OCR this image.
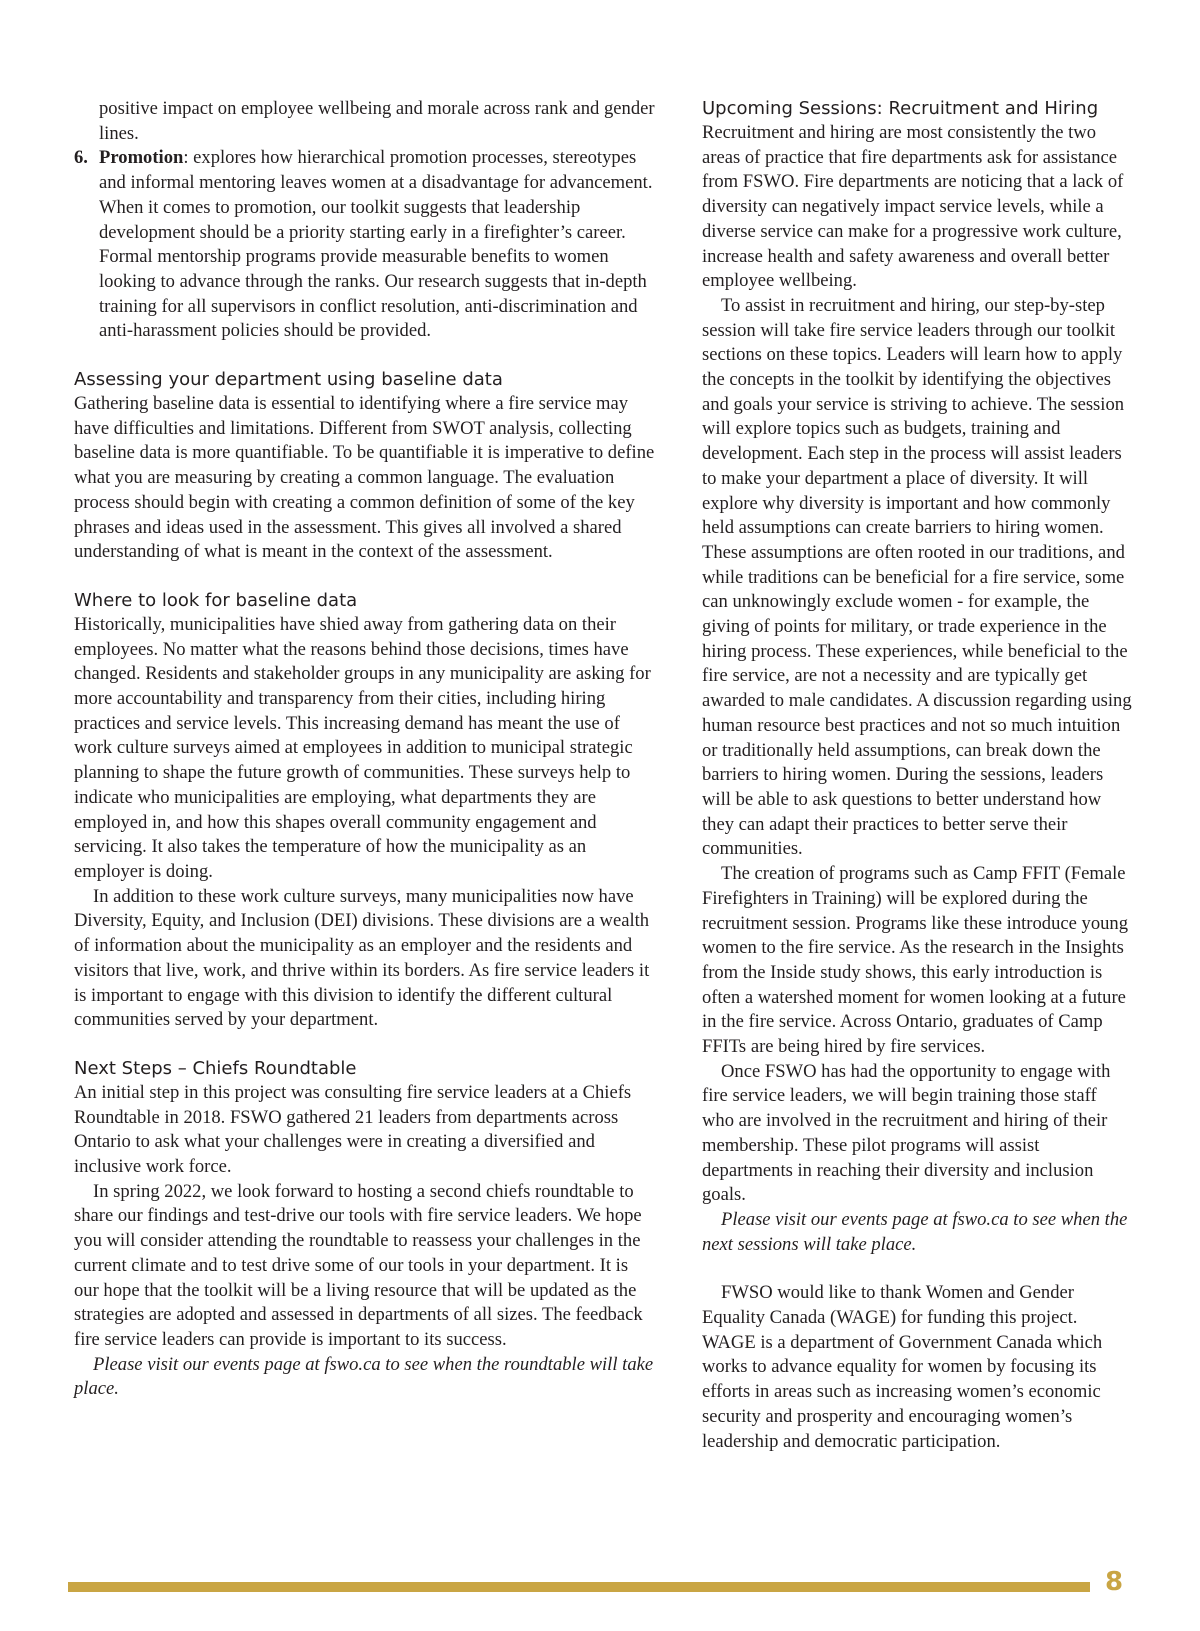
positive impact on employee wellbeing and morale across rank and gender lines.

6. Promotion: explores how hierarchical promotion processes, stereotypes and informal mentoring leaves women at a disadvantage for advancement. When it comes to promotion, our toolkit suggests that leadership development should be a priority starting early in a firefighter’s career. Formal mentorship programs provide measurable benefits to women looking to advance through the ranks. Our research suggests that in-depth training for all supervisors in conflict resolution, anti-discrimination and anti-harassment policies should be provided.
Assessing your department using baseline data

Gathering baseline data is essential to identifying where a fire service may have difficulties and limitations. Different from SWOT analysis, collecting baseline data is more quantifiable. To be quantifiable it is imperative to define what you are measuring by creating a common language. The evaluation process should begin with creating a common definition of some of the key phrases and ideas used in the assessment. This gives all involved a shared understanding of what is meant in the context of the assessment.

Where to look for baseline data

Historically, municipalities have shied away from gathering data on their employees. No matter what the reasons behind those decisions, times have changed. Residents and stakeholder groups in any municipality are asking for more accountability and transparency from their cities, including hiring practices and service levels. This increasing demand has meant the use of work culture surveys aimed at employees in addition to municipal strategic planning to shape the future growth of communities. These surveys help to indicate who municipalities are employing, what departments they are employed in, and how this shapes overall community engagement and servicing. It also takes the temperature of how the municipality as an employer is doing.

In addition to these work culture surveys, many municipalities now have Diversity, Equity, and Inclusion (DEI) divisions. These divisions are a wealth of information about the municipality as an employer and the residents and visitors that live, work, and thrive within its borders. As fire service leaders it is important to engage with this division to identify the different cultural communities served by your department.

Next Steps – Chiefs Roundtable

An initial step in this project was consulting fire service leaders at a Chiefs Roundtable in 2018. FSWO gathered 21 leaders from departments across Ontario to ask what your challenges were in creating a diversified and inclusive work force.

In spring 2022, we look forward to hosting a second chiefs roundtable to share our findings and test-drive our tools with fire service leaders. We hope you will consider attending the roundtable to reassess your challenges in the current climate and to test drive some of our tools in your department. It is our hope that the toolkit will be a living resource that will be updated as the strategies are adopted and assessed in departments of all sizes. The feedback fire service leaders can provide is important to its success.

Please visit our events page at fswo.ca to see when the roundtable will take place.

Upcoming Sessions: Recruitment and Hiring

Recruitment and hiring are most consistently the two areas of practice that fire departments ask for assistance from FSWO. Fire departments are noticing that a lack of diversity can negatively impact service levels, while a diverse service can make for a progressive work culture, increase health and safety awareness and overall better employee wellbeing.

To assist in recruitment and hiring, our step-by-step session will take fire service leaders through our toolkit sections on these topics. Leaders will learn how to apply the concepts in the toolkit by identifying the objectives and goals your service is striving to achieve. The session will explore topics such as budgets, training and development. Each step in the process will assist leaders to make your department a place of diversity. It will explore why diversity is important and how commonly held assumptions can create barriers to hiring women. These assumptions are often rooted in our traditions, and while traditions can be beneficial for a fire service, some can unknowingly exclude women - for example, the giving of points for military, or trade experience in the hiring process. These experiences, while beneficial to the fire service, are not a necessity and are typically get awarded to male candidates. A discussion regarding using human resource best practices and not so much intuition or traditionally held assumptions, can break down the barriers to hiring women. During the sessions, leaders will be able to ask questions to better understand how they can adapt their practices to better serve their communities.

The creation of programs such as Camp FFIT (Female Firefighters in Training) will be explored during the recruitment session. Programs like these introduce young women to the fire service. As the research in the Insights from the Inside study shows, this early introduction is often a watershed moment for women looking at a future in the fire service. Across Ontario, graduates of Camp FFITs are being hired by fire services.

Once FSWO has had the opportunity to engage with fire service leaders, we will begin training those staff who are involved in the recruitment and hiring of their membership. These pilot programs will assist departments in reaching their diversity and inclusion goals.

Please visit our events page at fswo.ca to see when the next sessions will take place.

FWSO would like to thank Women and Gender Equality Canada (WAGE) for funding this project. WAGE is a department of Government Canada which works to advance equality for women by focusing its efforts in areas such as increasing women’s economic security and prosperity and encouraging women’s leadership and democratic participation.

8
